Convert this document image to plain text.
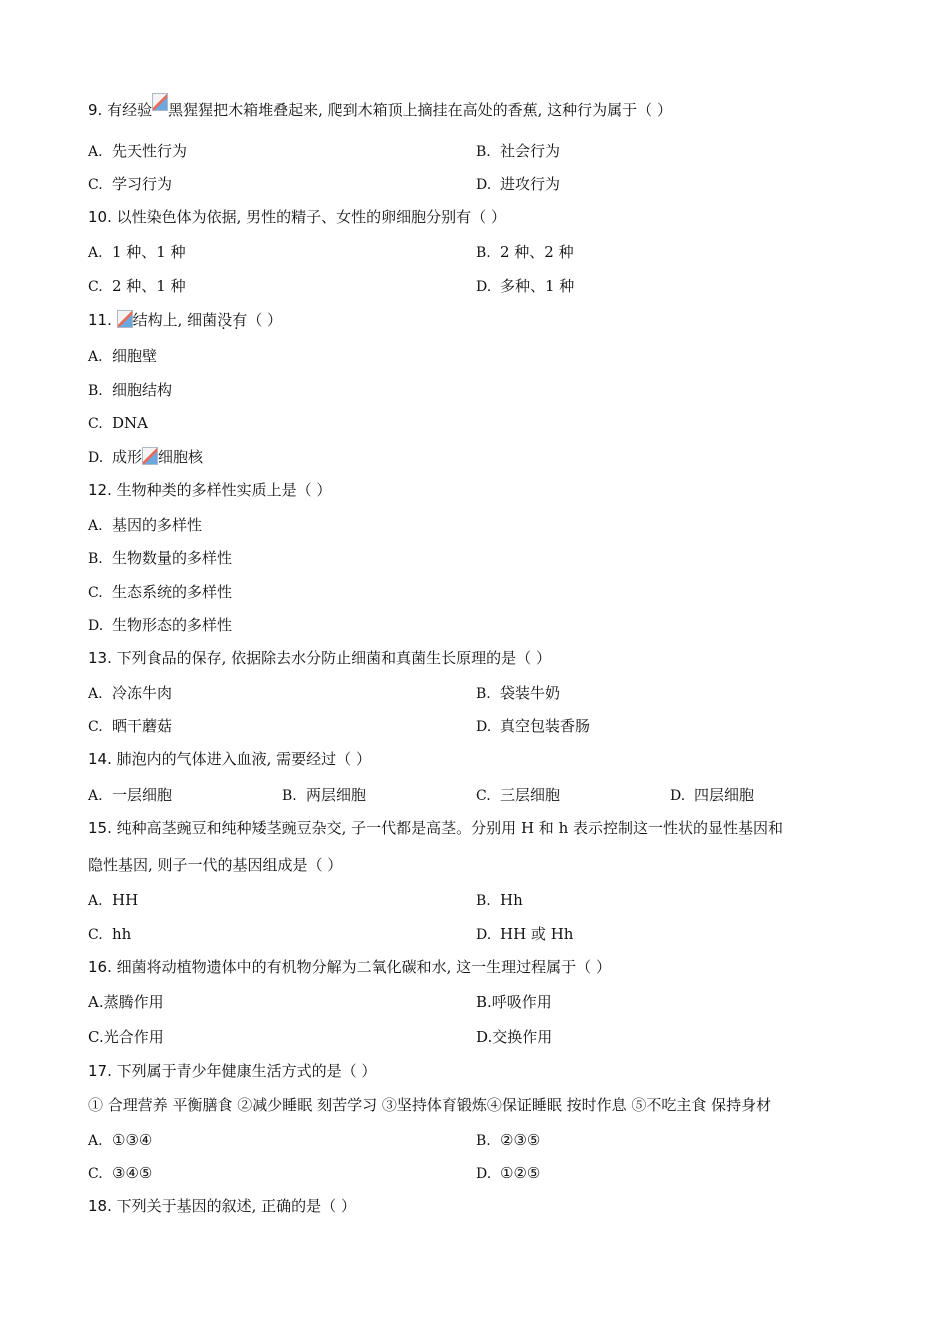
9. 有经验 黑猩猩把木箱堆叠起来, 爬到木箱顶上摘挂在高处的香蕉, 这种行为属于（ ）
A. 先天性行为	B. 社会行为
C. 学习行为	D. 进攻行为
10. 以性染色体为依据, 男性的精子、女性的卵细胞分别有（ ）
A. 1 种、1 种	B. 2 种、2 种
C. 2 种、1 种	D. 多种、1 种
11. 结构上, 细菌没有 · ·（ ）
A. 细胞壁
B. 细胞结构
C. DNA
D. 成形 细胞核
12. 生物种类的多样性实质上是（ ）
A. 基因的多样性
B. 生物数量的多样性
C. 生态系统的多样性
D. 生物形态的多样性
13. 下列食品的保存, 依据除去水分防止细菌和真菌生长原理的是（ ）
A. 冷冻牛肉	B. 袋装牛奶
C. 晒干蘑菇	D. 真空包装香肠
14. 肺泡内的气体进入血液, 需要经过（ ）
A. 一层细胞	B. 两层细胞	C. 三层细胞	D. 四层细胞
15. 纯种高茎豌豆和纯种矮茎豌豆杂交, 子一代都是高茎。分别用 H 和 h 表示控制这一性状的显性基因和
隐性基因, 则子一代的基因组成是（ ）
A. HH	B. Hh
C. hh	D. HH 或 Hh
16. 细菌将动植物遗体中的有机物分解为二氧化碳和水, 这一生理过程属于（ ）
A.蒸腾作用	B.呼吸作用
C.光合作用	D.交换作用
17. 下列属于青少年健康生活方式的是（ ）
① 合理营养 平衡膳食 ②减少睡眠 刻苦学习 ③坚持体育锻炼④保证睡眠 按时作息 ⑤不吃主食 保持身材
A. ①③④	B. ②③⑤
C. ③④⑤	D. ①②⑤
18. 下列关于基因的叙述, 正确的是（ ）
